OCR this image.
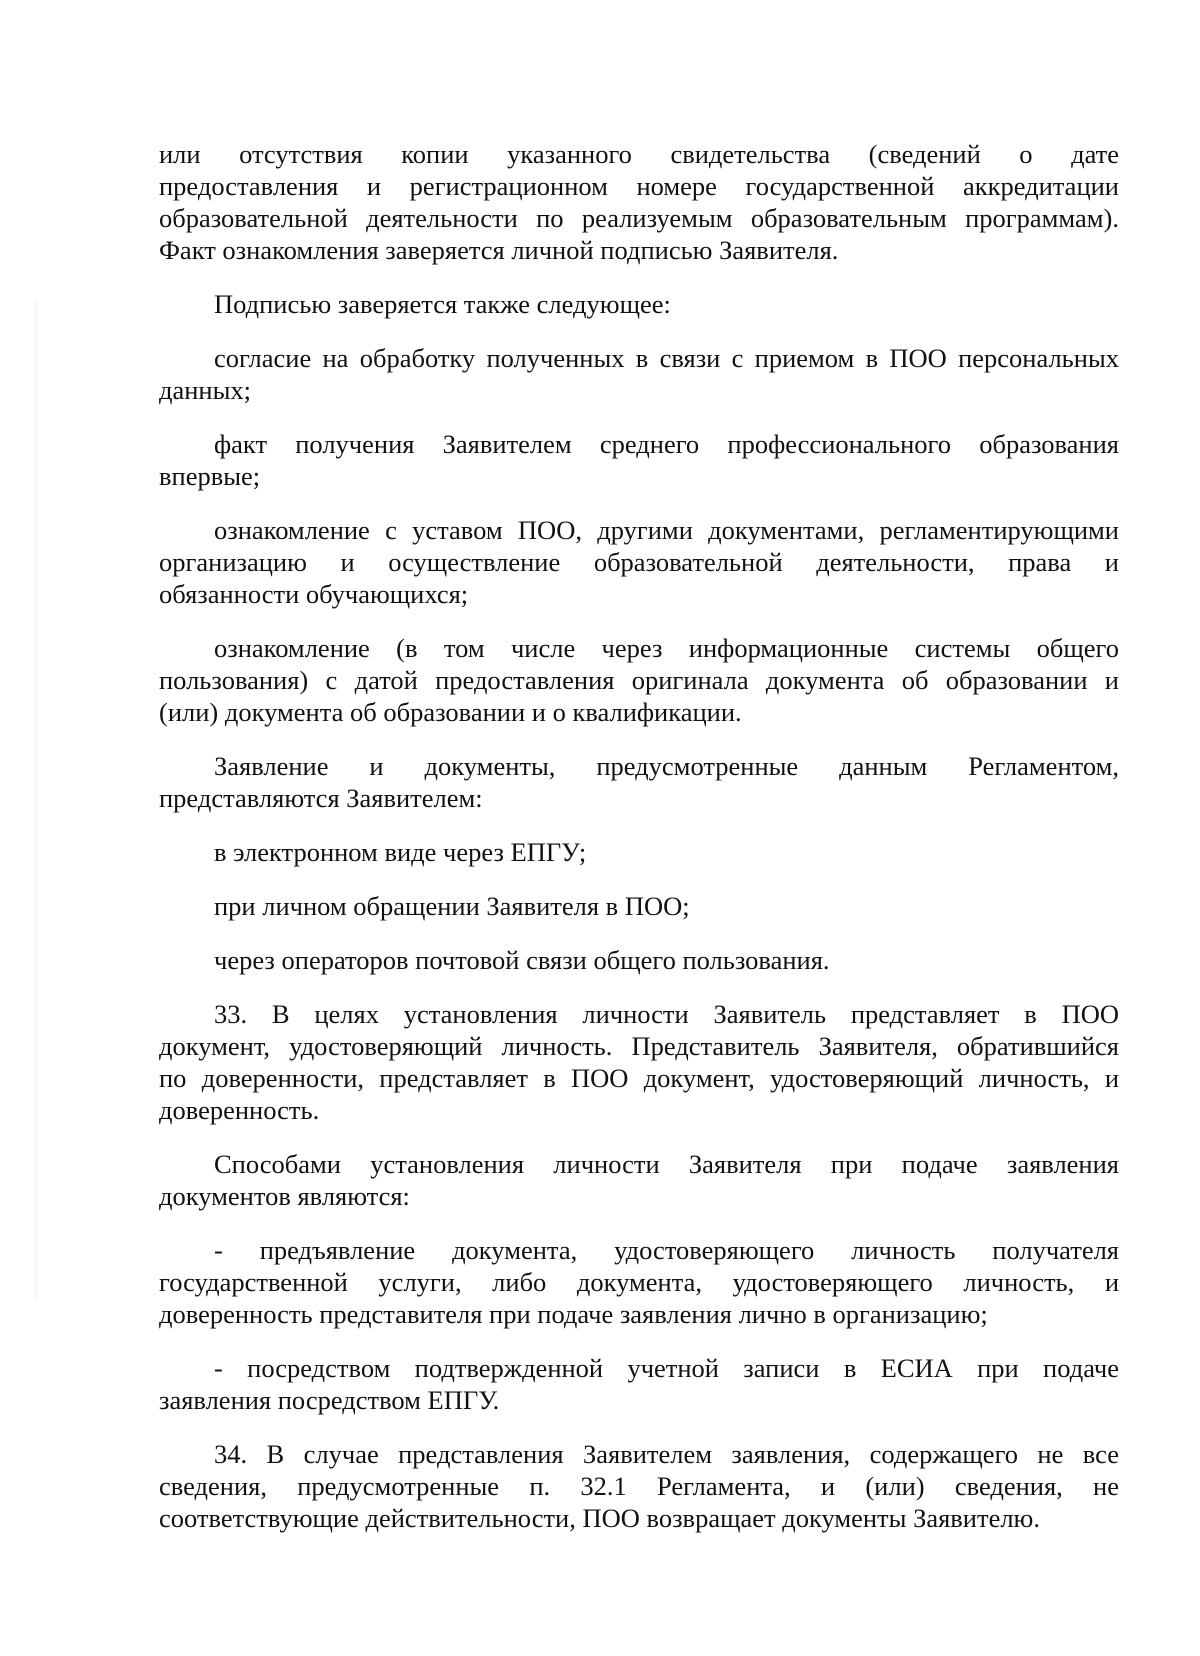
или отсутствия копии указанного свидетельства (сведений о дате
предоставления и регистрационном номере государственной аккредитации
образовательной деятельности по реализуемым образовательным программам).
Факт ознакомления заверяется личной подписью Заявителя.
Подписью заверяется также следующее:
согласие на обработку полученных в связи с приемом в ПОО персональных
данных;
факт получения Заявителем среднего профессионального образования
впервые;
ознакомление с уставом ПОО, другими документами, регламентирующими
организацию и осуществление образовательной деятельности, права и
обязанности обучающихся;
ознакомление (в том числе через информационные системы общего
пользования) с датой предоставления оригинала документа об образовании и
(или) документа об образовании и о квалификации.
Заявление и документы, предусмотренные данным Регламентом,
представляются Заявителем:
в электронном виде через ЕПГУ;
при личном обращении Заявителя в ПОО;
через операторов почтовой связи общего пользования.
33. В целях установления личности Заявитель представляет в ПОО
документ, удостоверяющий личность. Представитель Заявителя, обратившийся
по доверенности, представляет в ПОО документ, удостоверяющий личность, и
доверенность.
Способами установления личности Заявителя при подаче заявления
документов являются:
- предъявление документа, удостоверяющего личность получателя
государственной услуги, либо документа, удостоверяющего личность, и
доверенность представителя при подаче заявления лично в организацию;
- посредством подтвержденной учетной записи в ЕСИА при подаче
заявления посредством ЕПГУ.
34. В случае представления Заявителем заявления, содержащего не все
сведения, предусмотренные п. 32.1 Регламента, и (или) сведения, не
соответствующие действительности, ПОО возвращает документы Заявителю.
